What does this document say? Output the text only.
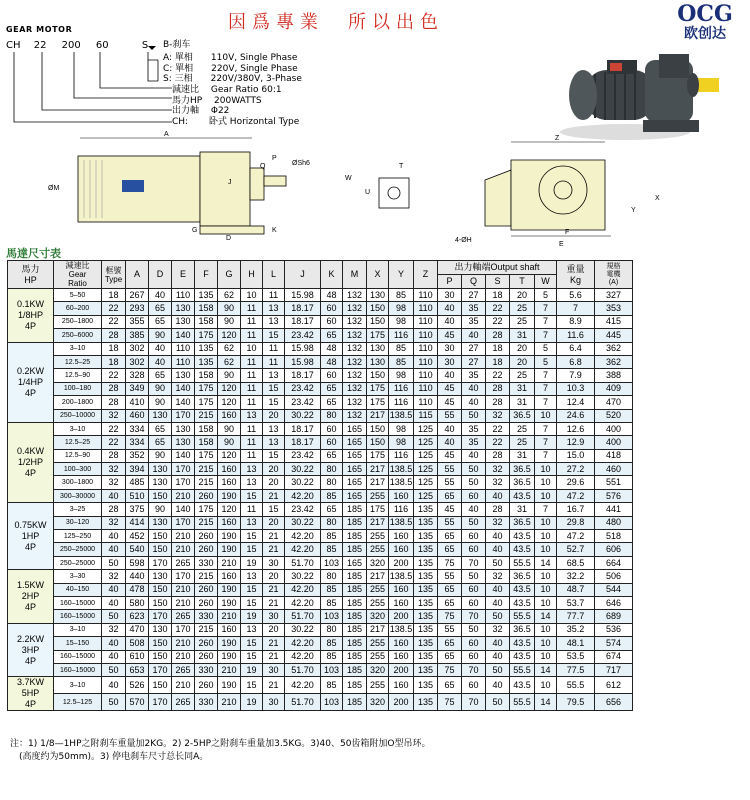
因爲專業　所以出色	OCG
欧创达
GEAR MOTOR
CH 22 200 60	S B-刹车
A: 單相　　110V, Single Phase
C: 單相　　220V, Single Phase
S: 三相　　220V/380V, 3-Phase
減速比　 Gear Ratio 60:1
馬力HP　 200WATTS
出力軸　 Φ22
CH:　　 卧式 Horizontal Type
A
ØM
J
P
Q	ØSh6
G
D
K
T
W
U
Z
F
E
Y
X
4-ØH
馬達尺寸表
馬力
HP	減速比
Gear
Ratio	框號
Type	A	D	E	F	G	H	L	J	K	M	X	Y	Z	出力軸端Output shaft					重量
Kg	規格
電機
(A)
																P	Q	S	T	W		
0.1KW
1/8HP
4P	5–50	18	267	40	110	135	62	10	11	15.98	48	132	130	85	110	30	27	18	20	5	5.6	327
	60–200	22	293	65	130	158	90	11	13	18.17	60	132	150	98	110	40	35	22	25	7	7	353
	250–1800	22	355	65	130	158	90	11	13	18.17	60	132	150	98	110	40	35	22	25	7	8.9	415
	250–6000	28	385	90	140	175	120	11	15	23.42	65	132	175	116	110	45	40	28	31	7	11.6	445
0.2KW
1/4HP
4P	3–10	18	302	40	110	135	62	10	11	15.98	48	132	130	85	110	30	27	18	20	5	6.4	362
	12.5–25	18	302	40	110	135	62	11	11	15.98	48	132	130	85	110	30	27	18	20	5	6.8	362
	12.5–90	22	328	65	130	158	90	11	13	18.17	60	132	150	98	110	40	35	22	25	7	7.9	388
	100–180	28	349	90	140	175	120	11	15	23.42	65	132	175	116	110	45	40	28	31	7	10.3	409
	200–1800	28	410	90	140	175	120	11	15	23.42	65	132	175	116	110	45	40	28	31	7	12.4	470
	250–10000	32	460	130	170	215	160	13	20	30.22	80	132	217	138.5	115	55	50	32	36.5	10	24.6	520
0.4KW
1/2HP
4P	3–10	22	334	65	130	158	90	11	13	18.17	60	165	150	98	125	40	35	22	25	7	12.6	400
	12.5–25	22	334	65	130	158	90	11	13	18.17	60	165	150	98	125	40	35	22	25	7	12.9	400
	12.5–90	28	352	90	140	175	120	11	15	23.42	65	165	175	116	125	45	40	28	31	7	15.0	418
	100–300	32	394	130	170	215	160	13	20	30.22	80	165	217	138.5	125	55	50	32	36.5	10	27.2	460
	300–1800	32	485	130	170	215	160	13	20	30.22	80	165	217	138.5	125	55	50	32	36.5	10	29.6	551
	300–30000	40	510	150	210	260	190	15	21	42.20	85	165	255	160	125	65	60	40	43.5	10	47.2	576
0.75KW
1HP
4P	3–25	28	375	90	140	175	120	11	15	23.42	65	185	175	116	135	45	40	28	31	7	16.7	441
	30–120	32	414	130	170	215	160	13	20	30.22	80	185	217	138.5	135	55	50	32	36.5	10	29.8	480
	125–250	40	452	150	210	260	190	15	21	42.20	85	185	255	160	135	65	60	40	43.5	10	47.2	518
	250–25000	40	540	150	210	260	190	15	21	42.20	85	185	255	160	135	65	60	40	43.5	10	52.7	606
	250–25000	50	598	170	265	330	210	19	30	51.70	103	165	320	200	135	75	70	50	55.5	14	68.5	664
1.5KW
2HP
4P	3–30	32	440	130	170	215	160	13	20	30.22	80	185	217	138.5	135	55	50	32	36.5	10	32.2	506
	40–150	40	478	150	210	260	190	15	21	42.20	85	185	255	160	135	65	60	40	43.5	10	48.7	544
	160–15000	40	580	150	210	260	190	15	21	42.20	85	185	255	160	135	65	60	40	43.5	10	53.7	646
	160–15000	50	623	170	265	330	210	19	30	51.70	103	185	320	200	135	75	70	50	55.5	14	77.7	689
2.2KW
3HP
4P	3–10	32	470	130	170	215	160	13	20	30.22	80	185	217	138.5	135	55	50	32	36.5	10	35.2	536
	15–150	40	508	150	210	260	190	15	21	42.20	85	185	255	160	135	65	60	40	43.5	10	48.1	574
	160–15000	40	610	150	210	260	190	15	21	42.20	85	185	255	160	135	65	60	40	43.5	10	53.5	674
	160–15000	50	653	170	265	330	210	19	30	51.70	103	185	320	200	135	75	70	50	55.5	14	77.5	717
3.7KW
5HP
4P	3–10	40	526	150	210	260	190	15	21	42.20	85	185	255	160	135	65	60	40	43.5	10	55.5	612
	12.5–125	50	570	170	265	330	210	19	30	51.70	103	185	320	200	135	75	70	50	55.5	14	79.5	656
注：1) 1/8—1HP之附刹车重量加2KG。2) 2-5HP之附刹车重量加3.5KG。3)40、50齿箱附加O型吊环。
　(高度约为50mm)。3) 停电刹车尺寸总长同A。
